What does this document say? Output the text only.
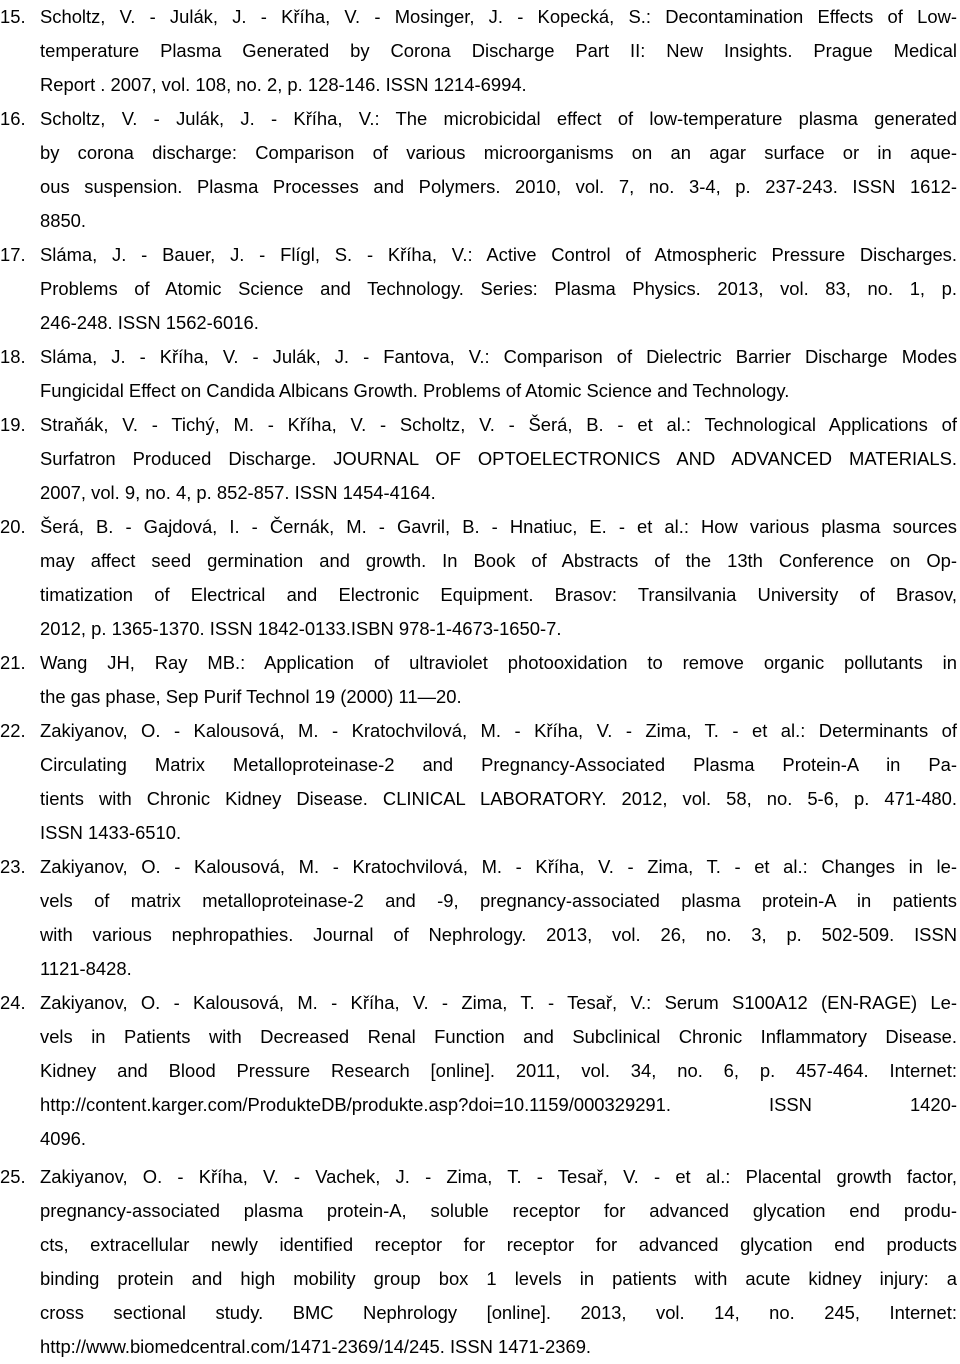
15. Scholtz, V. - Julák, J. - Kříha, V. - Mosinger, J. - Kopecká, S.: Decontamination Effects of Low-
temperature Plasma Generated by Corona Discharge Part II: New Insights. Prague Medical
Report . 2007, vol. 108, no. 2, p. 128-146. ISSN 1214-6994.
16. Scholtz, V. - Julák, J. - Kříha, V.: The microbicidal effect of low-temperature plasma generated
by corona discharge: Comparison of various microorganisms on an agar surface or in aque-
ous suspension. Plasma Processes and Polymers. 2010, vol. 7, no. 3-4, p. 237-243. ISSN 1612-
8850.
17. Sláma, J. - Bauer, J. - Flígl, S. - Kříha, V.: Active Control of Atmospheric Pressure Discharges.
Problems of Atomic Science and Technology. Series: Plasma Physics. 2013, vol. 83, no. 1, p.
246-248. ISSN 1562-6016.
18. Sláma, J. - Kříha, V. - Julák, J. - Fantova, V.: Comparison of Dielectric Barrier Discharge Modes
Fungicidal Effect on Candida Albicans Growth. Problems of Atomic Science and Technology.
19. Straňák, V. - Tichý, M. - Kříha, V. - Scholtz, V. - Šerá, B. - et al.: Technological Applications of
Surfatron Produced Discharge. JOURNAL OF OPTOELECTRONICS AND ADVANCED MATERIALS.
2007, vol. 9, no. 4, p. 852-857. ISSN 1454-4164.
20. Šerá, B. - Gajdová, I. - Černák, M. - Gavril, B. - Hnatiuc, E. - et al.: How various plasma sources
may affect seed germination and growth. In Book of Abstracts of the 13th Conference on Op-
timatization of Electrical and Electronic Equipment. Brasov: Transilvania University of Brasov,
2012, p. 1365-1370. ISSN 1842-0133.ISBN 978-1-4673-1650-7.
21. Wang JH, Ray MB.: Application of ultraviolet photooxidation to remove organic pollutants in
the gas phase, Sep Purif Technol 19 (2000) 11—20.
22. Zakiyanov, O. - Kalousová, M. - Kratochvilová, M. - Kříha, V. - Zima, T. - et al.: Determinants of
Circulating Matrix Metalloproteinase-2 and Pregnancy-Associated Plasma Protein-A in Pa-
tients with Chronic Kidney Disease. CLINICAL LABORATORY. 2012, vol. 58, no. 5-6, p. 471-480.
ISSN 1433-6510.
23. Zakiyanov, O. - Kalousová, M. - Kratochvilová, M. - Kříha, V. - Zima, T. - et al.: Changes in le-
vels of matrix metalloproteinase-2 and -9, pregnancy-associated plasma protein-A in patients
with various nephropathies. Journal of Nephrology. 2013, vol. 26, no. 3, p. 502-509. ISSN
1121-8428.
24. Zakiyanov, O. - Kalousová, M. - Kříha, V. - Zima, T. - Tesař, V.: Serum S100A12 (EN-RAGE) Le-
vels in Patients with Decreased Renal Function and Subclinical Chronic Inflammatory Disease.
Kidney and Blood Pressure Research [online]. 2011, vol. 34, no. 6, p. 457-464. Internet:
http://content.karger.com/ProdukteDB/produkte.asp?doi=10.1159/000329291. ISSN 1420-
4096.
25. Zakiyanov, O. - Kříha, V. - Vachek, J. - Zima, T. - Tesař, V. - et al.: Placental growth factor,
pregnancy-associated plasma protein-A, soluble receptor for advanced glycation end produ-
cts, extracellular newly identified receptor for receptor for advanced glycation end products
binding protein and high mobility group box 1 levels in patients with acute kidney injury: a
cross sectional study. BMC Nephrology [online]. 2013, vol. 14, no. 245, Internet:
http://www.biomedcentral.com/1471-2369/14/245. ISSN 1471-2369.
